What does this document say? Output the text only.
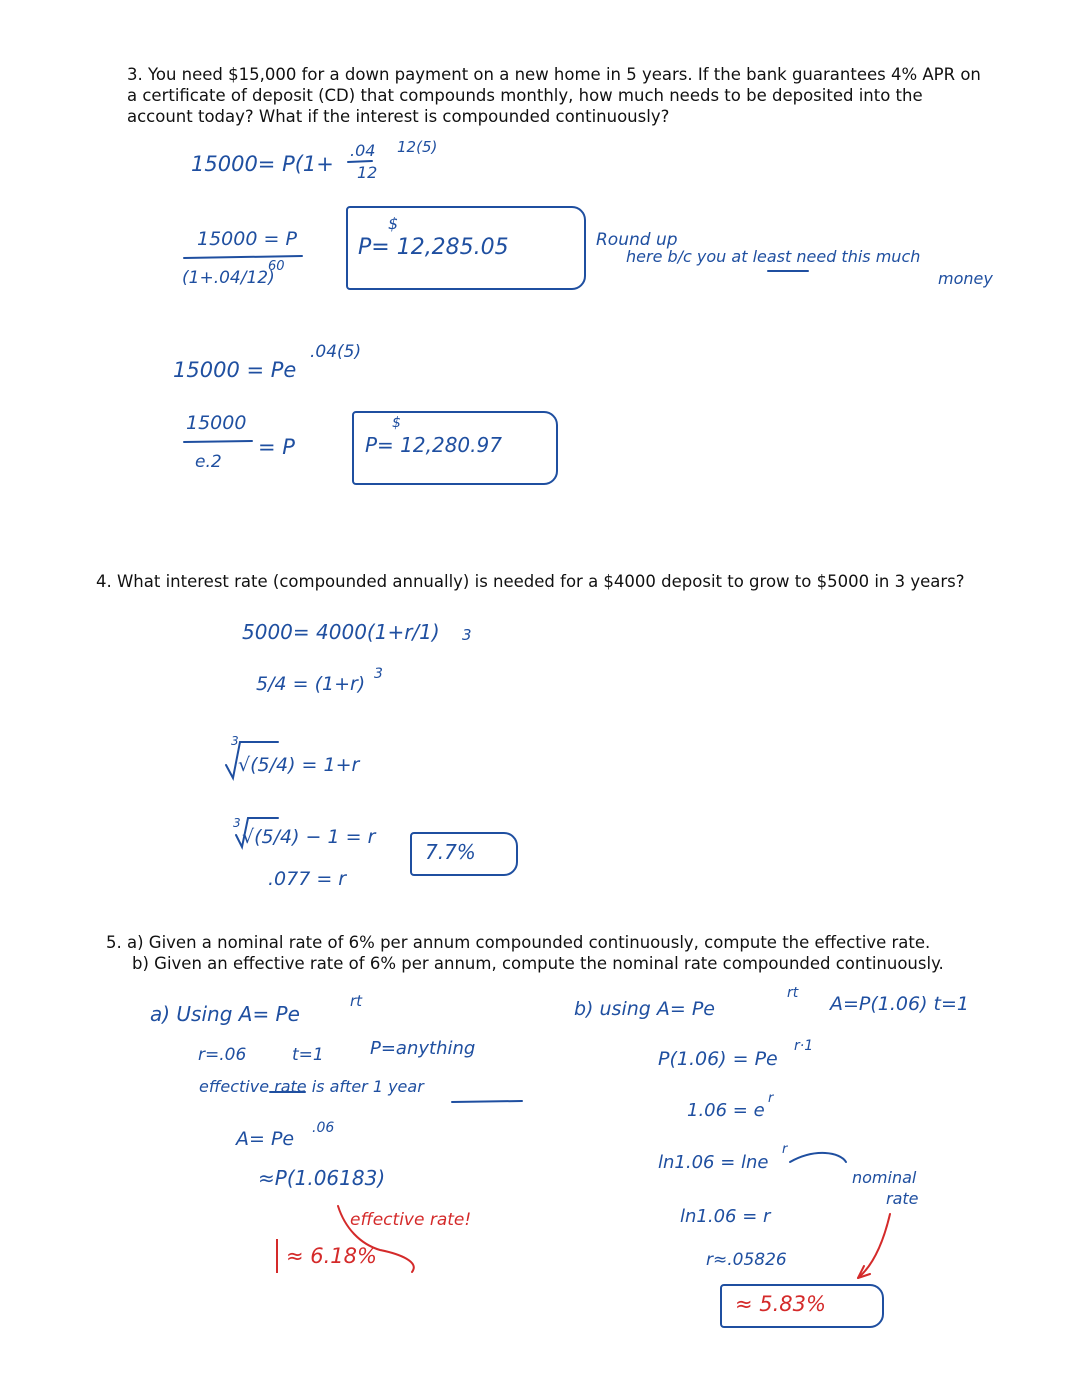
3. You need $15,000 for a down payment on a new home in 5 years. If the bank guarantees 4% APR on a certificate of deposit (CD) that compounds monthly, how much needs to be deposited into the account today? What if the interest is compounded continuously?
4. What interest rate (compounded annually) is needed for a $4000 deposit to grow to $5000 in 3 years?
5. a) Given a nominal rate of 6% per annum compounded continuously, compute the effective rate.
b) Given an effective rate of 6% per annum, compute the nominal rate compounded continuously.
15000= P(1+
.04
12
12(5)
15000 = P
(1+.04/12)
60
$
P= 12,285.05	Round up
here b/c you at least need this much
money
15000 = Pe
.04(5)
15000
e.2
= P
$
P= 12,280.97
5000= 4000(1+r/1) 3
5/4 = (1+r) 3
3
√(5/4) = 1+r
3
√(5/4) − 1 = r
.077 = r
7.7%
a) Using A= Pe
rt
r=.06	t=1	P=anything
effective rate is after 1 year
A= Pe .06
≈P(1.06183)
effective rate!
≈ 6.18%
b) using A= Pe
rt A=P(1.06) t=1
P(1.06) = Pe
r·1
1.06 = e
r
ln1.06 = lne
r
nominal
rate
ln1.06 = r
r≈.05826
≈ 5.83%
